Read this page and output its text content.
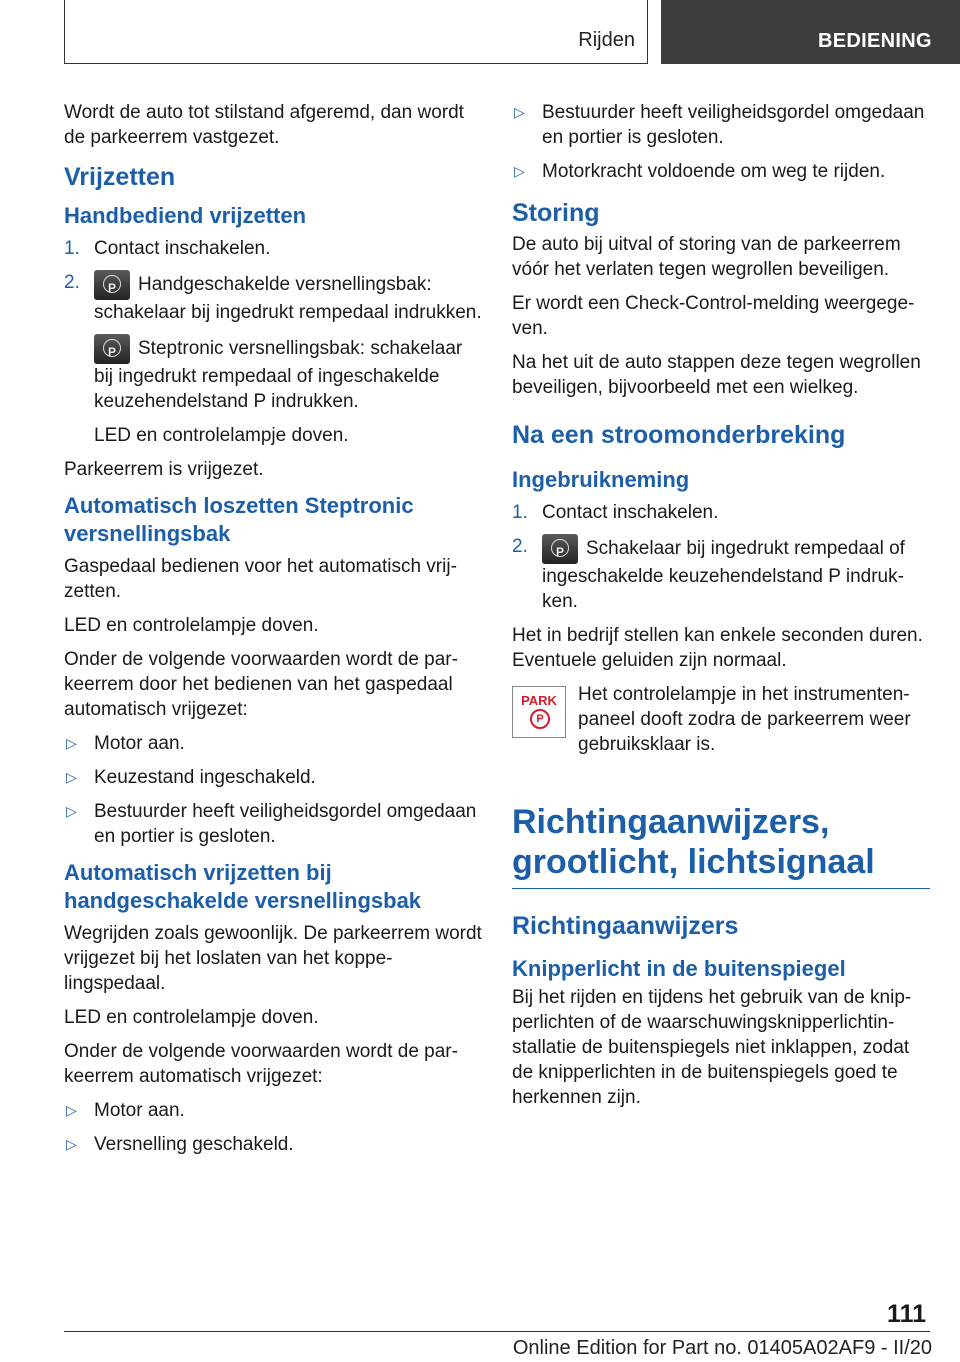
Rijden	BEDIENING

Wordt de auto tot stilstand afgeremd, dan wordt de parkeerrem vastgezet.

Vrijzetten
Handbediend vrijzetten
1. Contact inschakelen.
2.	P Handgeschakelde versnellingsbak: schakelaar bij ingedrukt rempedaal indrukken.
P Steptronic versnellingsbak: schakelaar bij ingedrukt rempedaal of ingeschakelde keuzehendelstand P indrukken.
LED en controlelampje doven.

Parkeerrem is vrijgezet.

Automatisch loszetten Steptronic versnellingsbak

Gaspedaal bedienen voor het automatisch vrij-zetten.

LED en controlelampje doven.

Onder de volgende voorwaarden wordt de par-keerrem door het bedienen van het gaspedaal automatisch vrijgezet:

▷ Motor aan.
▷ Keuzestand ingeschakeld.
▷ Bestuurder heeft veiligheidsgordel omgedaan en portier is gesloten.
Automatisch vrijzetten bij handgeschakelde versnellingsbak

Wegrijden zoals gewoonlijk. De parkeerrem wordt vrijgezet bij het loslaten van het koppe-lingspedaal.

LED en controlelampje doven.

Onder de volgende voorwaarden wordt de par-keerrem automatisch vrijgezet:

▷ Motor aan.
▷ Versnelling geschakeld.
▷ Bestuurder heeft veiligheidsgordel omgedaan en portier is gesloten.
▷ Motorkracht voldoende om weg te rijden.
Storing

De auto bij uitval of storing van de parkeerrem vóór het verlaten tegen wegrollen beveiligen.

Er wordt een Check-Control-melding weergege-ven.

Na het uit de auto stappen deze tegen wegrollen beveiligen, bijvoorbeeld met een wielkeg.

Na een stroomonderbreking
Ingebruikneming
1. Contact inschakelen.
2.	P Schakelaar bij ingedrukt rempedaal of ingeschakelde keuzehendelstand P indruk-ken.

Het in bedrijf stellen kan enkele seconden duren. Eventuele geluiden zijn normaal.

PARK
P

Het controlelampje in het instrumenten-paneel dooft zodra de parkeerrem weer gebruiksklaar is.

Richtingaanwijzers, grootlicht, lichtsignaal
Richtingaanwijzers
Knipperlicht in de buitenspiegel

Bij het rijden en tijdens het gebruik van de knip-perlichten of de waarschuwingsknipperlichtin-stallatie de buitenspiegels niet inklappen, zodat de knipperlichten in de buitenspiegels goed te herkennen zijn.

111
Online Edition for Part no. 01405A02AF9 - II/20
